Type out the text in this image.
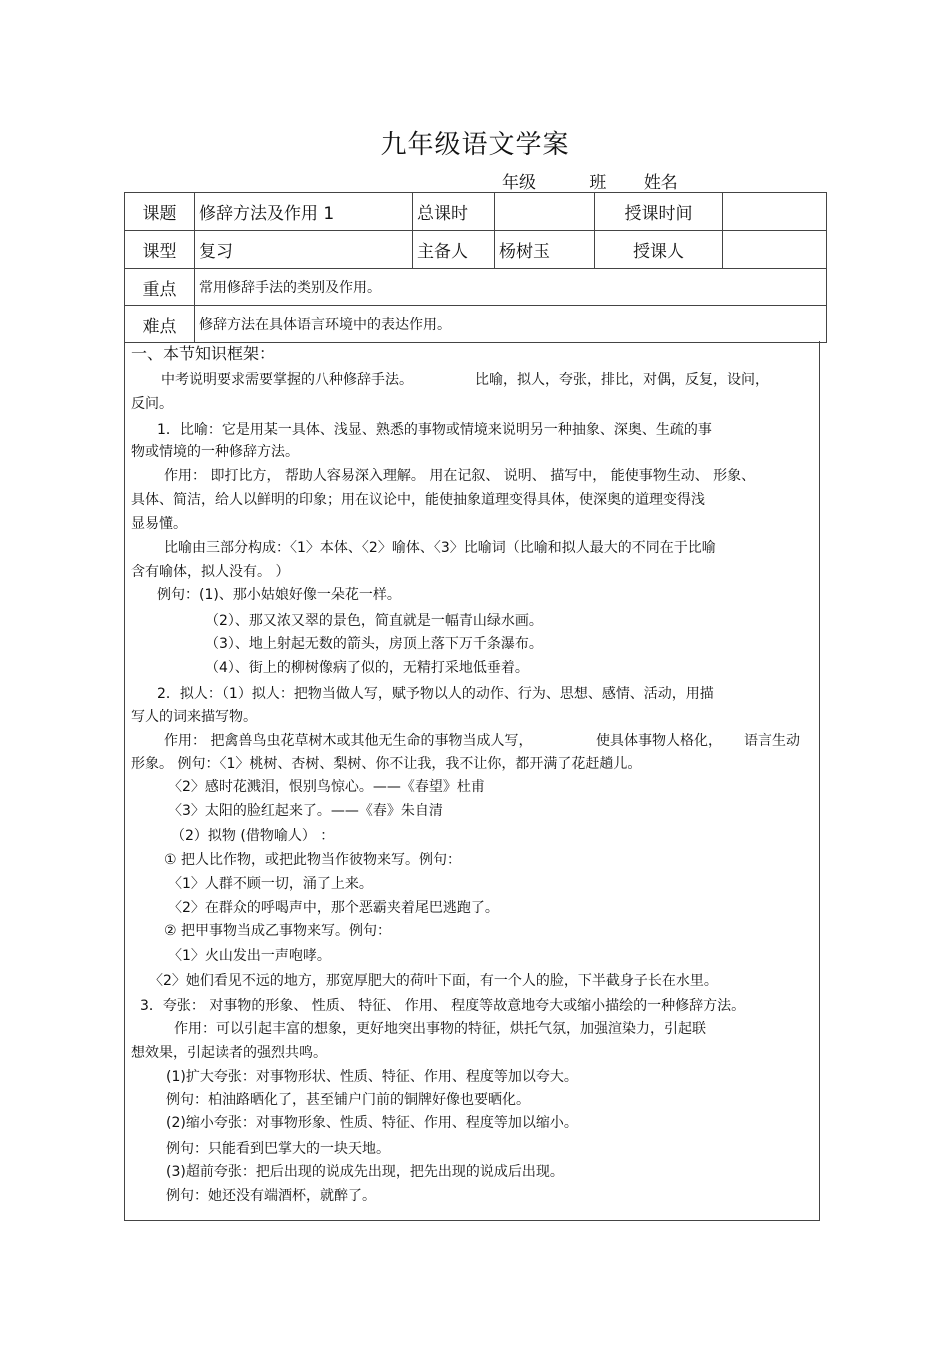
九年级语文学案
年级	班 姓名
课题	修辞方法及作用 1	总课时		授课时间	
课型	复习	主备人	杨树玉	授课人	
重点	常用修辞手法的类别及作用。				
难点	修辞方法在具体语言环境中的表达作用。				
一、本节知识框架：
中考说明要求需要掌握的八种修辞手法。	比喻，拟人，夸张，排比，对偶，反复，设问，
反问。
1．比喻：它是用某一具体、浅显、熟悉的事物或情境来说明另一种抽象、深奥、生疏的事
物或情境的一种修辞方法。
作用： 即打比方， 帮助人容易深入理解。 用在记叙、 说明、 描写中， 能使事物生动、 形象、
具体、简洁，给人以鲜明的印象；用在议论中，能使抽象道理变得具体，使深奥的道理变得浅
显易懂。
比喻由三部分构成：〈1〉本体、〈2〉喻体、〈3〉比喻词（比喻和拟人最大的不同在于比喻
含有喻体，拟人没有。 ）
例句：(1)、那小姑娘好像一朵花一样。
（2）、那又浓又翠的景色，简直就是一幅青山绿水画。
（3）、地上射起无数的箭头，房顶上落下万千条瀑布。
（4）、街上的柳树像病了似的，无精打采地低垂着。
2．拟人：（1）拟人：把物当做人写，赋予物以人的动作、行为、思想、感情、活动，用描
写人的词来描写物。
作用： 把禽兽鸟虫花草树木或其他无生命的事物当成人写，	使具体事物人格化， 语言生动
形象。 例句：〈1〉桃树、杏树、梨树、你不让我，我不让你，都开满了花赶趟儿。
〈2〉感时花溅泪，恨别鸟惊心。——《春望》杜甫
〈3〉太阳的脸红起来了。——《春》朱自清
（2）拟物 (借物喻人） ：
① 把人比作物，或把此物当作彼物来写。例句：
〈1〉人群不顾一切，涌了上来。
〈2〉在群众的呼喝声中，那个恶霸夹着尾巴逃跑了。
② 把甲事物当成乙事物来写。例句：
〈1〉火山发出一声咆哮。
〈2〉她们看见不远的地方，那宽厚肥大的荷叶下面，有一个人的脸，下半截身子长在水里。
3．夸张： 对事物的形象、 性质、 特征、 作用、 程度等故意地夸大或缩小描绘的一种修辞方法。
作用：可以引起丰富的想象，更好地突出事物的特征，烘托气氛，加强渲染力，引起联
想效果，引起读者的强烈共鸣。
(1)扩大夸张：对事物形状、性质、特征、作用、程度等加以夸大。
例句：柏油路晒化了，甚至铺户门前的铜牌好像也要晒化。
(2)缩小夸张：对事物形象、性质、特征、作用、程度等加以缩小。
例句：只能看到巴掌大的一块天地。
(3)超前夸张：把后出现的说成先出现，把先出现的说成后出现。
例句：她还没有端酒杯，就醉了。
